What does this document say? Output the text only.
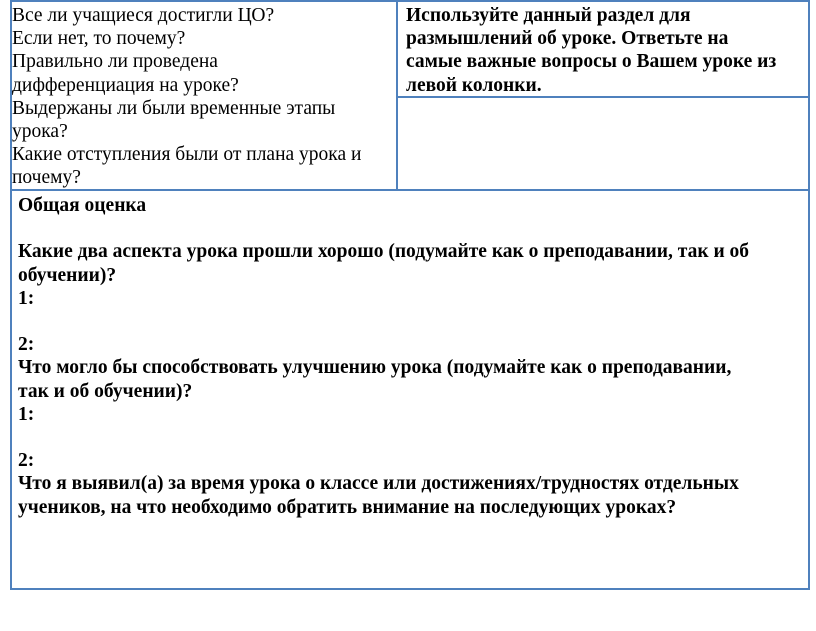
Все ли учащиеся достигли ЦО?
Если нет, то почему?
Правильно ли проведена
дифференциация на уроке?
Выдержаны ли были временные этапы
урока?
Какие отступления были от плана урока и
почему?
Используйте данный раздел для
размышлений об уроке. Ответьте на
самые важные вопросы о Вашем уроке из
левой колонки.
Общая оценка
Какие два аспекта урока прошли хорошо (подумайте как о преподавании, так и об
обучении)?
1:
2:
Что могло бы способствовать улучшению урока (подумайте как о преподавании,
так и об обучении)?
1:
2:
Что я выявил(а) за время урока о классе или достижениях/трудностях отдельных
учеников, на что необходимо обратить внимание на последующих уроках?
